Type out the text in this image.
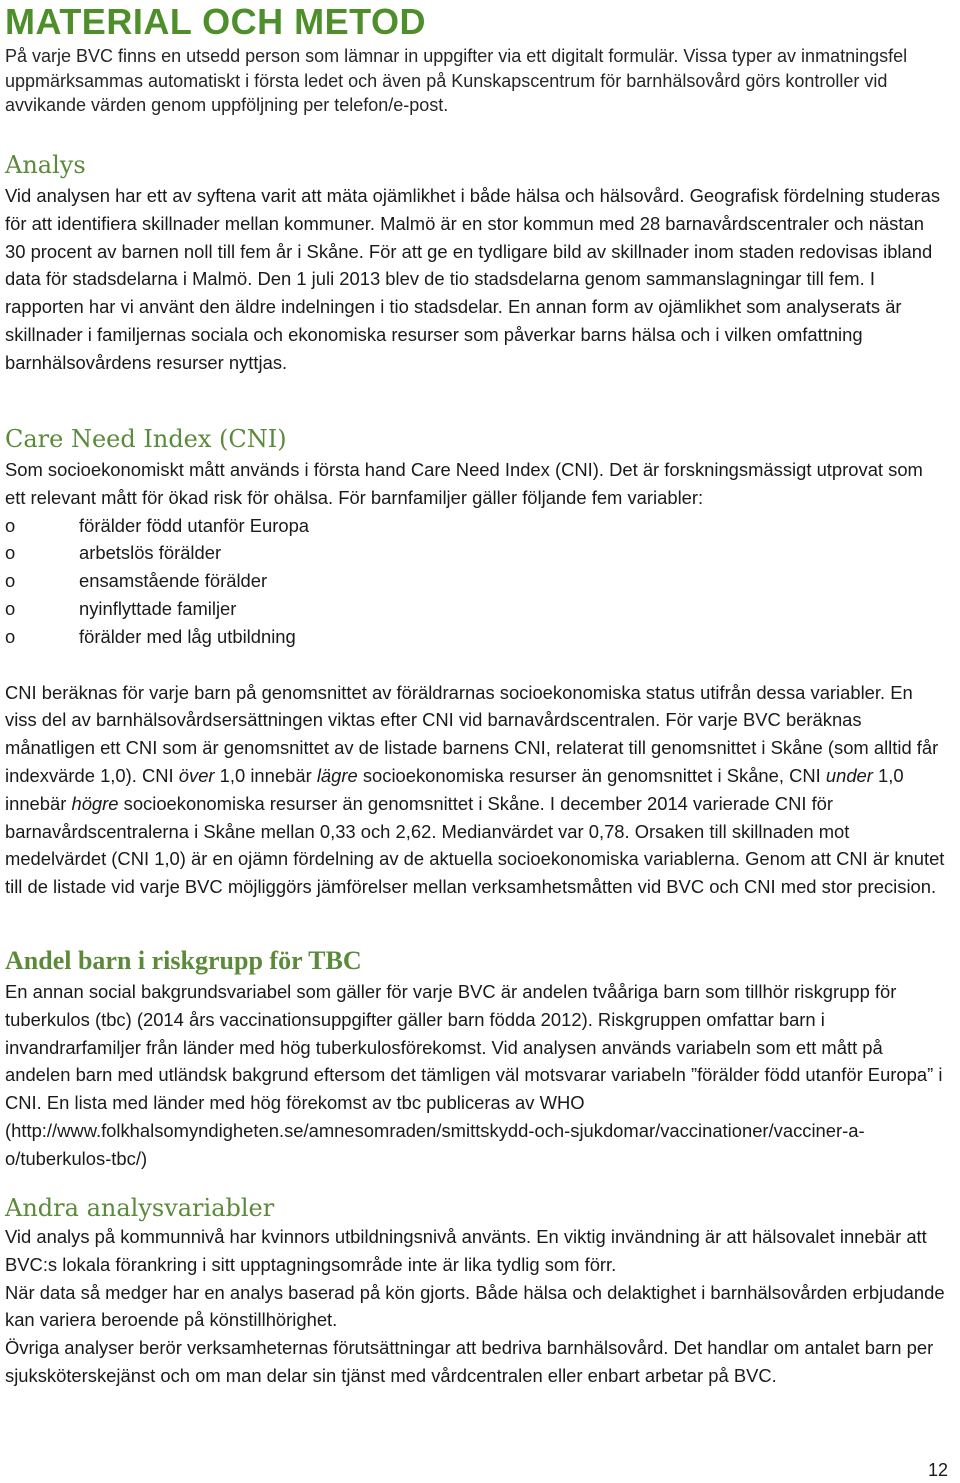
MATERIAL OCH METOD

På varje BVC finns en utsedd person som lämnar in uppgifter via ett digitalt formulär. Vissa typer av inmatningsfel uppmärksammas automatiskt i första ledet och även på Kunskapscentrum för barnhälsovård görs kontroller vid avvikande värden genom uppföljning per telefon/e-post.

Analys

Vid analysen har ett av syftena varit att mäta ojämlikhet i både hälsa och hälsovård. Geografisk fördelning studeras för att identifiera skillnader mellan kommuner. Malmö är en stor kommun med 28 barnavårdscentraler och nästan 30 procent av barnen noll till fem år i Skåne. För att ge en tydligare bild av skillnader inom staden redovisas ibland data för stadsdelarna i Malmö. Den 1 juli 2013 blev de tio stadsdelarna genom sammanslagningar till fem. I rapporten har vi använt den äldre indelningen i tio stadsdelar. En annan form av ojämlikhet som analyserats är skillnader i familjernas sociala och ekonomiska resurser som påverkar barns hälsa och i vilken omfattning barnhälsovårdens resurser nyttjas.

Care Need Index (CNI)

Som socioekonomiskt mått används i första hand Care Need Index (CNI). Det är forskningsmässigt utprovat som ett relevant mått för ökad risk för ohälsa. För barnfamiljer gäller följande fem variabler:

o	förälder född utanför Europa
o	arbetslös förälder
o	ensamstående förälder
o	nyinflyttade familjer
o	förälder med låg utbildning

CNI beräknas för varje barn på genomsnittet av föräldrarnas socioekonomiska status utifrån dessa variabler. En viss del av barnhälsovårdsersättningen viktas efter CNI vid barnavårdscentralen. För varje BVC beräknas månatligen ett CNI som är genomsnittet av de listade barnens CNI, relaterat till genomsnittet i Skåne (som alltid får indexvärde 1,0). CNI över 1,0 innebär lägre socioekonomiska resurser än genomsnittet i Skåne, CNI under 1,0 innebär högre socioekonomiska resurser än genomsnittet i Skåne. I december 2014 varierade CNI för barnavårdscentralerna i Skåne mellan 0,33 och 2,62. Medianvärdet var 0,78. Orsaken till skillnaden mot medelvärdet (CNI 1,0) är en ojämn fördelning av de aktuella socioekonomiska variablerna. Genom att CNI är knutet till de listade vid varje BVC möjliggörs jämförelser mellan verksamhetsmåtten vid BVC och CNI med stor precision.

Andel barn i riskgrupp för TBC

En annan social bakgrundsvariabel som gäller för varje BVC är andelen tvååriga barn som tillhör riskgrupp för tuberkulos (tbc) (2014 års vaccinationsuppgifter gäller barn födda 2012). Riskgruppen omfattar barn i invandrarfamiljer från länder med hög tuberkulosförekomst. Vid analysen används variabeln som ett mått på andelen barn med utländsk bakgrund eftersom det tämligen väl motsvarar variabeln ”förälder född utanför Europa” i CNI. En lista med länder med hög förekomst av tbc publiceras av WHO (http://www.folkhalsomyndigheten.se/amnesomraden/smittskydd-och-sjukdomar/vaccinationer/vacciner-a-o/tuberkulos-tbc/)

Andra analysvariabler

Vid analys på kommunnivå har kvinnors utbildningsnivå använts. En viktig invändning är att hälsovalet innebär att BVC:s lokala förankring i sitt upptagningsområde inte är lika tydlig som förr.

När data så medger har en analys baserad på kön gjorts. Både hälsa och delaktighet i barnhälsovården erbjudande kan variera beroende på könstillhörighet.

Övriga analyser berör verksamheternas förutsättningar att bedriva barnhälsovård. Det handlar om antalet barn per sjuksköterskejänst och om man delar sin tjänst med vårdcentralen eller enbart arbetar på BVC.

12
